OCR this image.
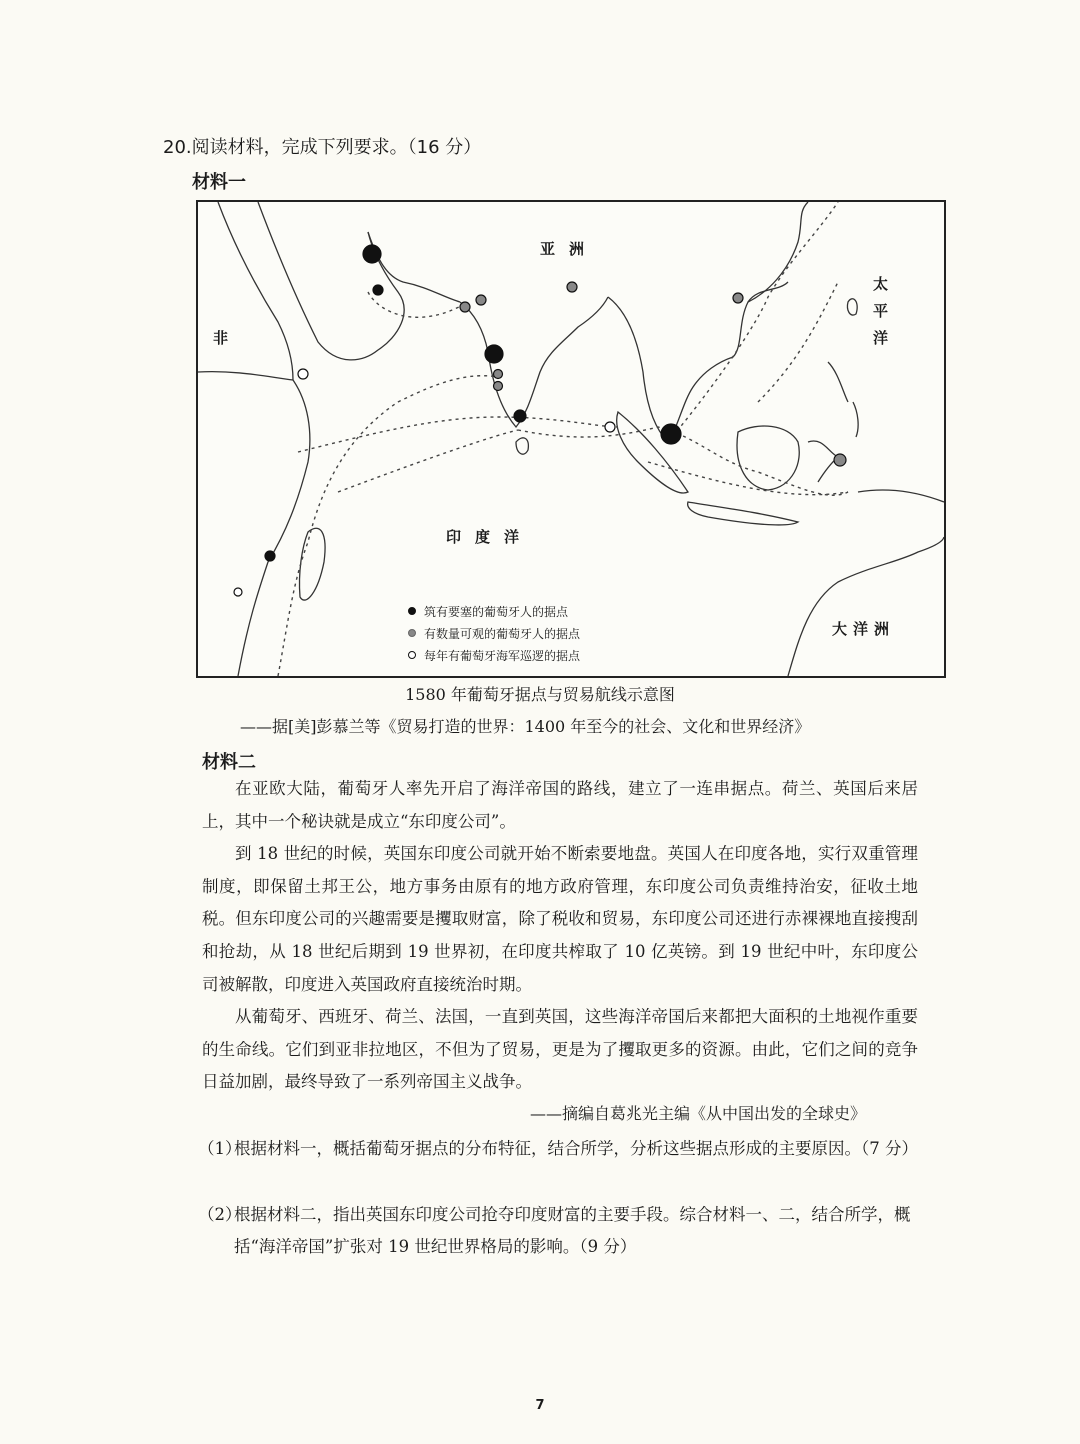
20.阅读材料，完成下列要求。（16 分）
材料一
亚洲
非	太平洋
印度洋
大洋洲
筑有要塞的葡萄牙人的据点
有数量可观的葡萄牙人的据点
每年有葡萄牙海军巡逻的据点
1580 年葡萄牙据点与贸易航线示意图
——据[美]彭慕兰等《贸易打造的世界：1400 年至今的社会、文化和世界经济》
材料二

在亚欧大陆，葡萄牙人率先开启了海洋帝国的路线，建立了一连串据点。荷兰、英国后来居上，其中一个秘诀就是成立“东印度公司”。

到 18 世纪的时候，英国东印度公司就开始不断索要地盘。英国人在印度各地，实行双重管理制度，即保留土邦王公，地方事务由原有的地方政府管理，东印度公司负责维持治安，征收土地税。但东印度公司的兴趣需要是攫取财富，除了税收和贸易，东印度公司还进行赤裸裸地直接搜刮和抢劫，从 18 世纪后期到 19 世界初，在印度共榨取了 10 亿英镑。到 19 世纪中叶，东印度公司被解散，印度进入英国政府直接统治时期。

从葡萄牙、西班牙、荷兰、法国，一直到英国，这些海洋帝国后来都把大面积的土地视作重要的生命线。它们到亚非拉地区，不但为了贸易，更是为了攫取更多的资源。由此，它们之间的竞争日益加剧，最终导致了一系列帝国主义战争。

——摘编自葛兆光主编《从中国出发的全球史》
（1）
根据材料一，概括葡萄牙据点的分布特征，结合所学，分析这些据点形成的主要原因。（7 分）
（2）
根据材料二，指出英国东印度公司抢夺印度财富的主要手段。综合材料一、二，结合所学，概括“海洋帝国”扩张对 19 世纪世界格局的影响。（9 分）
7
